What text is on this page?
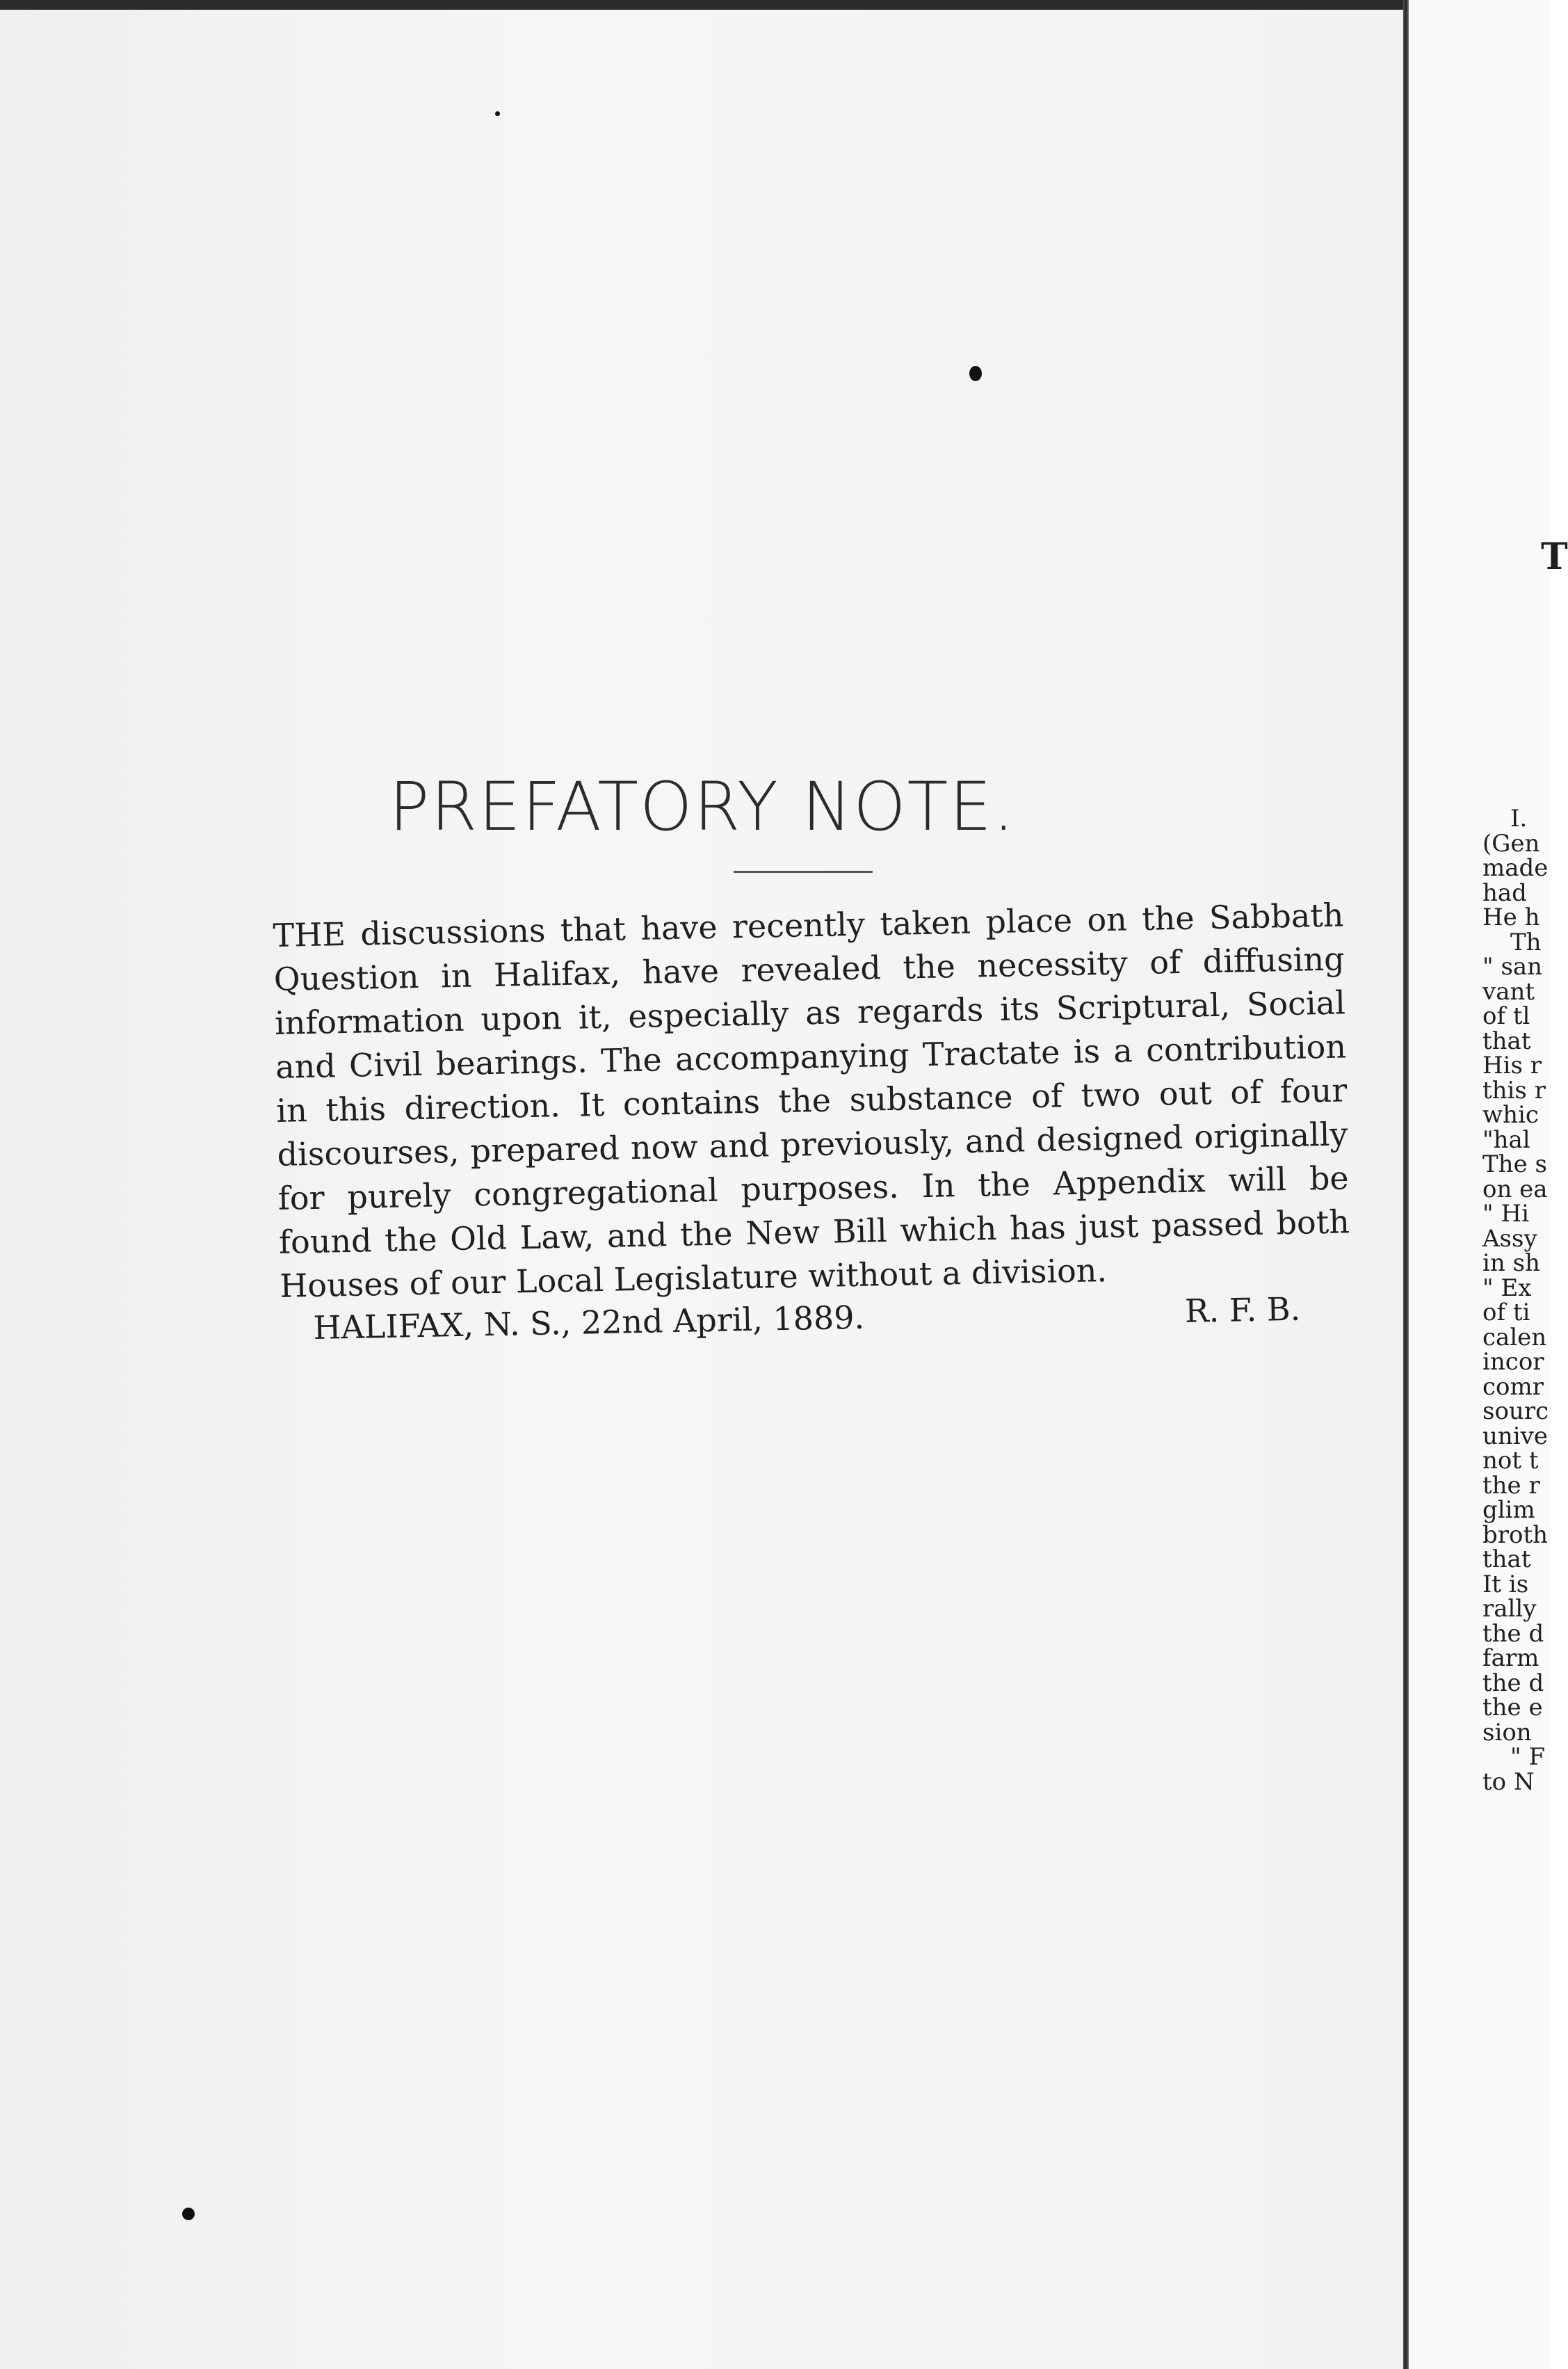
PREFATORY NOTE.
THE discussions that have recently taken place on the Sabbath Question in Halifax, have revealed the necessity of diffusing information upon it, especially as regards its Scriptural, Social and Civil bearings. The accompanying Tractate is a contribution in this direction. It contains the substance of two out of four discourses, prepared now and previously, and designed originally for purely congregational purposes. In the Appendix will be found the Old Law, and the New Bill which has just passed both Houses of our Local Legislature without a division.
HALIFAX, N. S., 22nd April, 1889.	R. F. B.
T
I.
(Gen
made
had
He h
Th
" san
vant
of tl
that
His r
this r
whic
"hal
The s
on ea
" Hi
Assy
in sh
" Ex
of ti
calen
incor
comr
sourc
unive
not t
the r
glim
broth
that
It is
rally
the d
farm
the d
the e
sion
" F
to N
